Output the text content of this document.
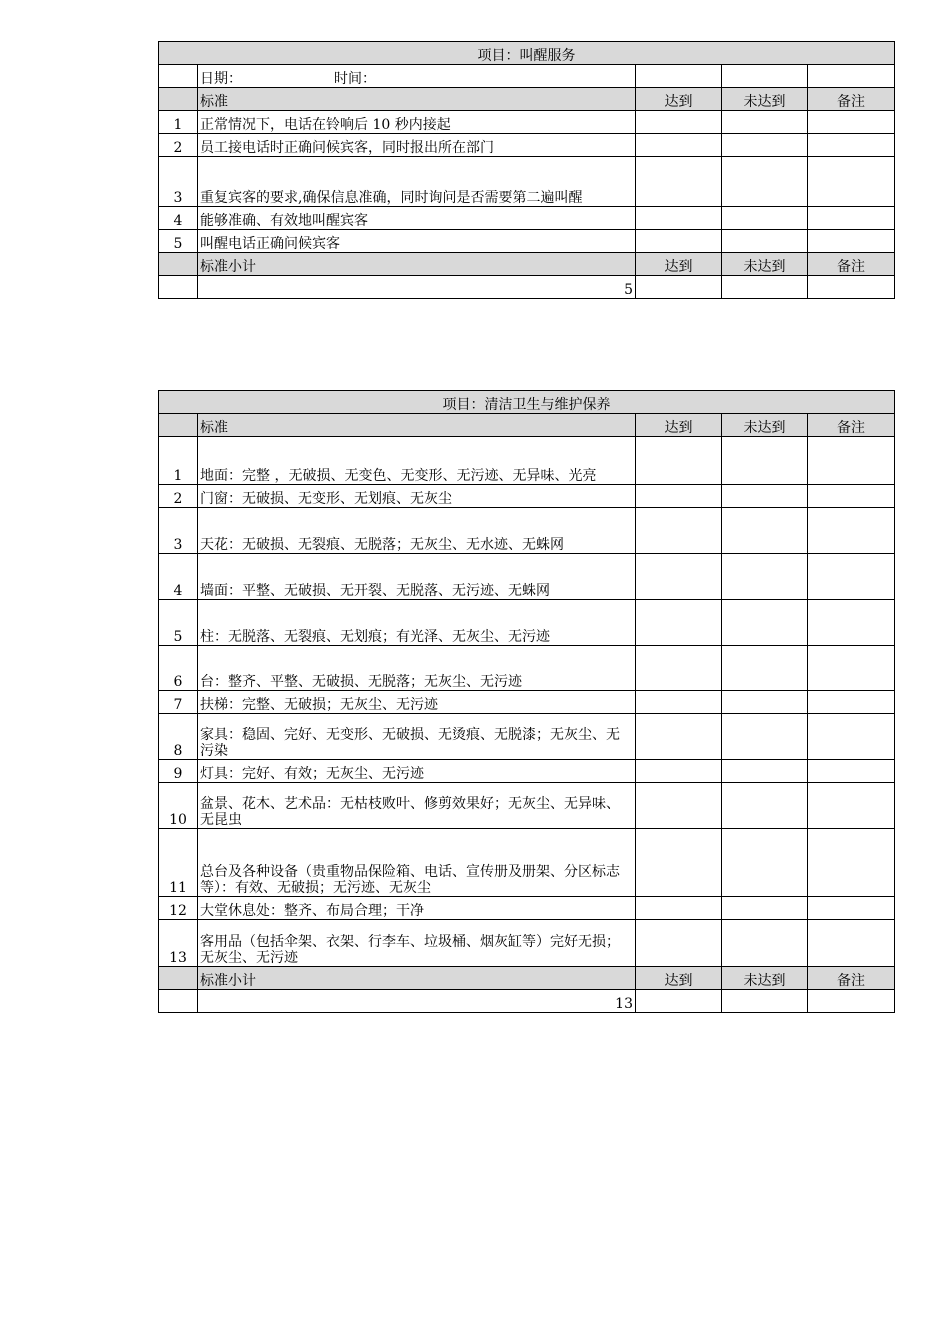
项目：叫醒服务				
	日期： 时间：			
	标准	达到	未达到	备注
1	正常情况下，电话在铃响后 10 秒内接起			
2	员工接电话时正确问候宾客，同时报出所在部门			
3	重复宾客的要求,确保信息准确，同时询问是否需要第二遍叫醒			
4	能够准确、有效地叫醒宾客			
5	叫醒电话正确问候宾客			
	标准小计	达到	未达到	备注
	5			
项目：清洁卫生与维护保养				
	标准	达到	未达到	备注
1	地面：完整 ，无破损、无变色、无变形、无污迹、无异味、光亮			
2	门窗：无破损、无变形、无划痕、无灰尘			
3	天花：无破损、无裂痕、无脱落；无灰尘、无水迹、无蛛网			
4	墙面：平整、无破损、无开裂、无脱落、无污迹、无蛛网			
5	柱：无脱落、无裂痕、无划痕；有光泽、无灰尘、无污迹			
6	台：整齐、平整、无破损、无脱落；无灰尘、无污迹			
7	扶梯：完整、无破损；无灰尘、无污迹			
8	家具：稳固、完好、无变形、无破损、无烫痕、无脱漆；无灰尘、无污染			
9	灯具：完好、有效；无灰尘、无污迹			
10	盆景、花木、艺术品：无枯枝败叶、修剪效果好；无灰尘、无异味、无昆虫			
11	总台及各种设备（贵重物品保险箱、电话、宣传册及册架、分区标志等）：有效、无破损；无污迹、无灰尘			
12	大堂休息处：整齐、布局合理；干净			
13	客用品（包括伞架、衣架、行李车、垃圾桶、烟灰缸等）完好无损；无灰尘、无污迹			
	标准小计	达到	未达到	备注
	13			
